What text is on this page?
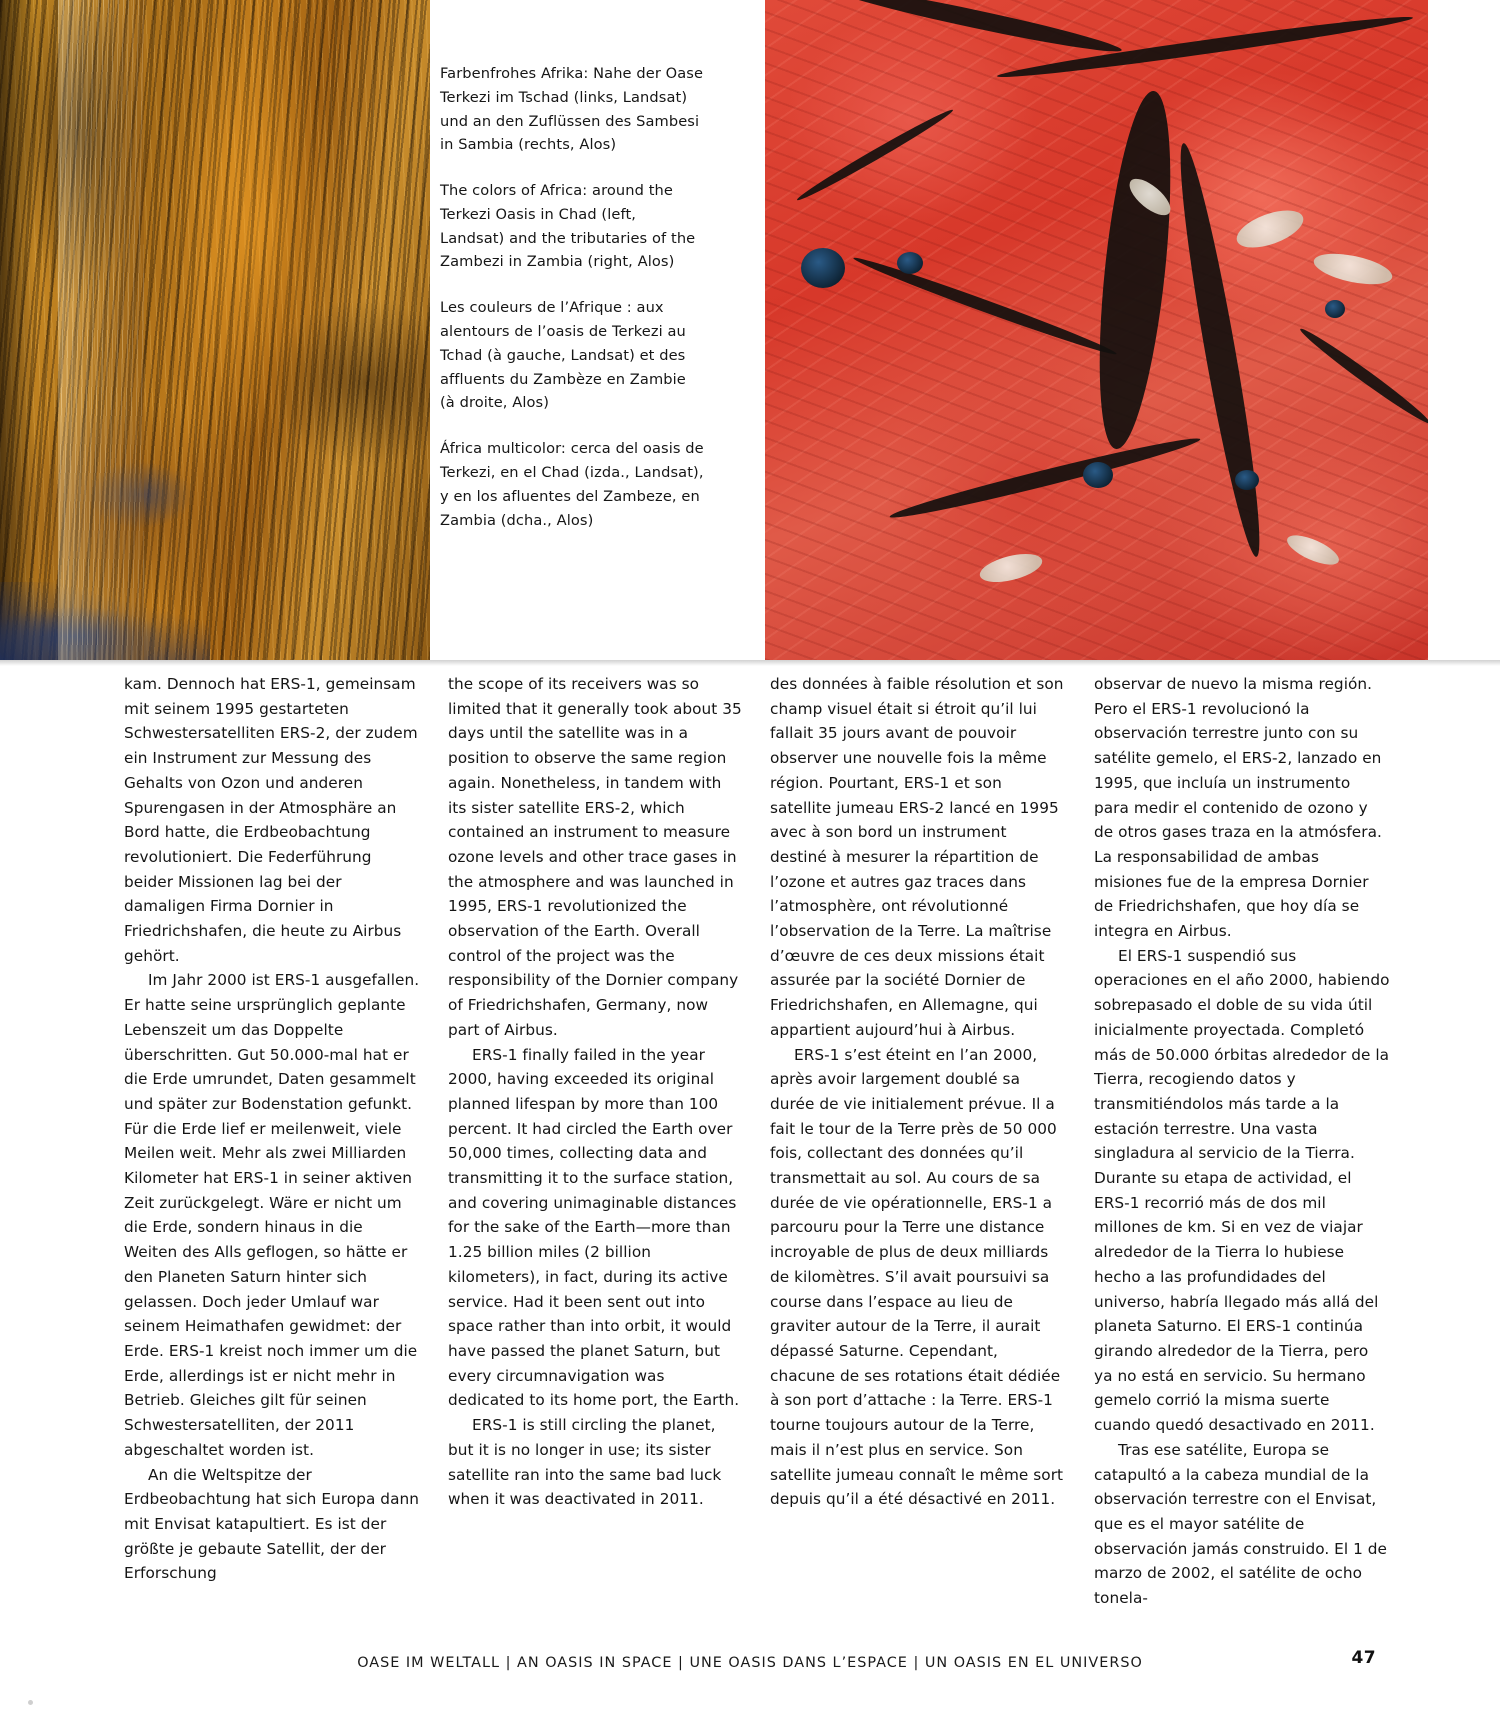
Farbenfrohes Afrika: Nahe der Oase Terkezi im Tschad (links, Landsat) und an den Zuflüssen des Sambesi in Sambia (rechts, Alos)

The colors of Africa: around the Terkezi Oasis in Chad (left, Landsat) and the tributaries of the Zambezi in Zambia (right, Alos)

Les couleurs de l’Afrique : aux alentours de l’oasis de Terkezi au Tchad (à gauche, Landsat) et des affluents du Zambèze en Zambie (à droite, Alos)

África multicolor: cerca del oasis de Terkezi, en el Chad (izda., Landsat), y en los afluentes del Zambeze, en Zambia (dcha., Alos)

kam. Dennoch hat ERS-1, gemeinsam mit seinem 1995 gestarteten Schwestersatelliten ERS-2, der zudem ein Instrument zur Messung des Gehalts von Ozon und anderen Spurengasen in der Atmosphäre an Bord hatte, die Erdbeobachtung revolutioniert. Die Federführung beider Missionen lag bei der damaligen Firma Dornier in Friedrichshafen, die heute zu Airbus gehört.

Im Jahr 2000 ist ERS-1 ausgefallen. Er hatte seine ursprünglich geplante Lebenszeit um das Doppelte überschritten. Gut 50.000-mal hat er die Erde umrundet, Daten gesammelt und später zur Bodenstation gefunkt. Für die Erde lief er meilenweit, viele Meilen weit. Mehr als zwei Milliarden Kilometer hat ERS-1 in seiner aktiven Zeit zurückgelegt. Wäre er nicht um die Erde, sondern hinaus in die Weiten des Alls geflogen, so hätte er den Planeten Saturn hinter sich gelassen. Doch jeder Umlauf war seinem Heimathafen gewidmet: der Erde. ERS-1 kreist noch immer um die Erde, allerdings ist er nicht mehr in Betrieb. Gleiches gilt für seinen Schwestersatelliten, der 2011 abgeschaltet worden ist.

An die Weltspitze der Erdbeobachtung hat sich Europa dann mit Envisat katapultiert. Es ist der größte je gebaute Satellit, der der Erforschung

the scope of its receivers was so limited that it generally took about 35 days until the satellite was in a position to observe the same region again. Nonetheless, in tandem with its sister satellite ERS-2, which contained an instrument to measure ozone levels and other trace gases in the atmosphere and was launched in 1995, ERS-1 revolutionized the observation of the Earth. Overall control of the project was the responsibility of the Dornier company of Friedrichshafen, Germany, now part of Airbus.

ERS-1 finally failed in the year 2000, having exceeded its original planned lifespan by more than 100 percent. It had circled the Earth over 50,000 times, collecting data and transmitting it to the surface station, and covering unimaginable distances for the sake of the Earth—more than 1.25 billion miles (2 billion kilometers), in fact, during its active service. Had it been sent out into space rather than into orbit, it would have passed the planet Saturn, but every circumnavigation was dedicated to its home port, the Earth.

ERS-1 is still circling the planet, but it is no longer in use; its sister satellite ran into the same bad luck when it was deactivated in 2011.

des données à faible résolution et son champ visuel était si étroit qu’il lui fallait 35 jours avant de pouvoir observer une nouvelle fois la même région. Pourtant, ERS-1 et son satellite jumeau ERS-2 lancé en 1995 avec à son bord un instrument destiné à mesurer la répartition de l’ozone et autres gaz traces dans l’atmosphère, ont révolutionné l’observation de la Terre. La maîtrise d’œuvre de ces deux missions était assurée par la société Dornier de Friedrichshafen, en Allemagne, qui appartient aujourd’hui à Airbus.

ERS-1 s’est éteint en l’an 2000, après avoir largement doublé sa durée de vie initialement prévue. Il a fait le tour de la Terre près de 50 000 fois, collectant des données qu’il transmettait au sol. Au cours de sa durée de vie opérationnelle, ERS-1 a parcouru pour la Terre une distance incroyable de plus de deux milliards de kilomètres. S’il avait poursuivi sa course dans l’espace au lieu de graviter autour de la Terre, il aurait dépassé Saturne. Cependant, chacune de ses rotations était dédiée à son port d’attache : la Terre. ERS-1 tourne toujours autour de la Terre, mais il n’est plus en service. Son satellite jumeau connaît le même sort depuis qu’il a été désactivé en 2011.

observar de nuevo la misma región. Pero el ERS-1 revolucionó la observación terrestre junto con su satélite gemelo, el ERS-2, lanzado en 1995, que incluía un instrumento para medir el contenido de ozono y de otros gases traza en la atmósfera. La responsabilidad de ambas misiones fue de la empresa Dornier de Friedrichshafen, que hoy día se integra en Airbus.

El ERS-1 suspendió sus operaciones en el año 2000, habiendo sobrepasado el doble de su vida útil inicialmente proyectada. Completó más de 50.000 órbitas alrededor de la Tierra, recogiendo datos y transmitiéndolos más tarde a la estación terrestre. Una vasta singladura al servicio de la Tierra. Durante su etapa de actividad, el ERS-1 recorrió más de dos mil millones de km. Si en vez de viajar alrededor de la Tierra lo hubiese hecho a las profundidades del universo, habría llegado más allá del planeta Saturno. El ERS-1 continúa girando alrededor de la Tierra, pero ya no está en servicio. Su hermano gemelo corrió la misma suerte cuando quedó desactivado en 2011.

Tras ese satélite, Europa se catapultó a la cabeza mundial de la observación terrestre con el Envisat, que es el mayor satélite de observación jamás construido. El 1 de marzo de 2002, el satélite de ocho tonela-

OASE IM WELTALL | AN OASIS IN SPACE | UNE OASIS DANS L’ESPACE | UN OASIS EN EL UNIVERSO	47
